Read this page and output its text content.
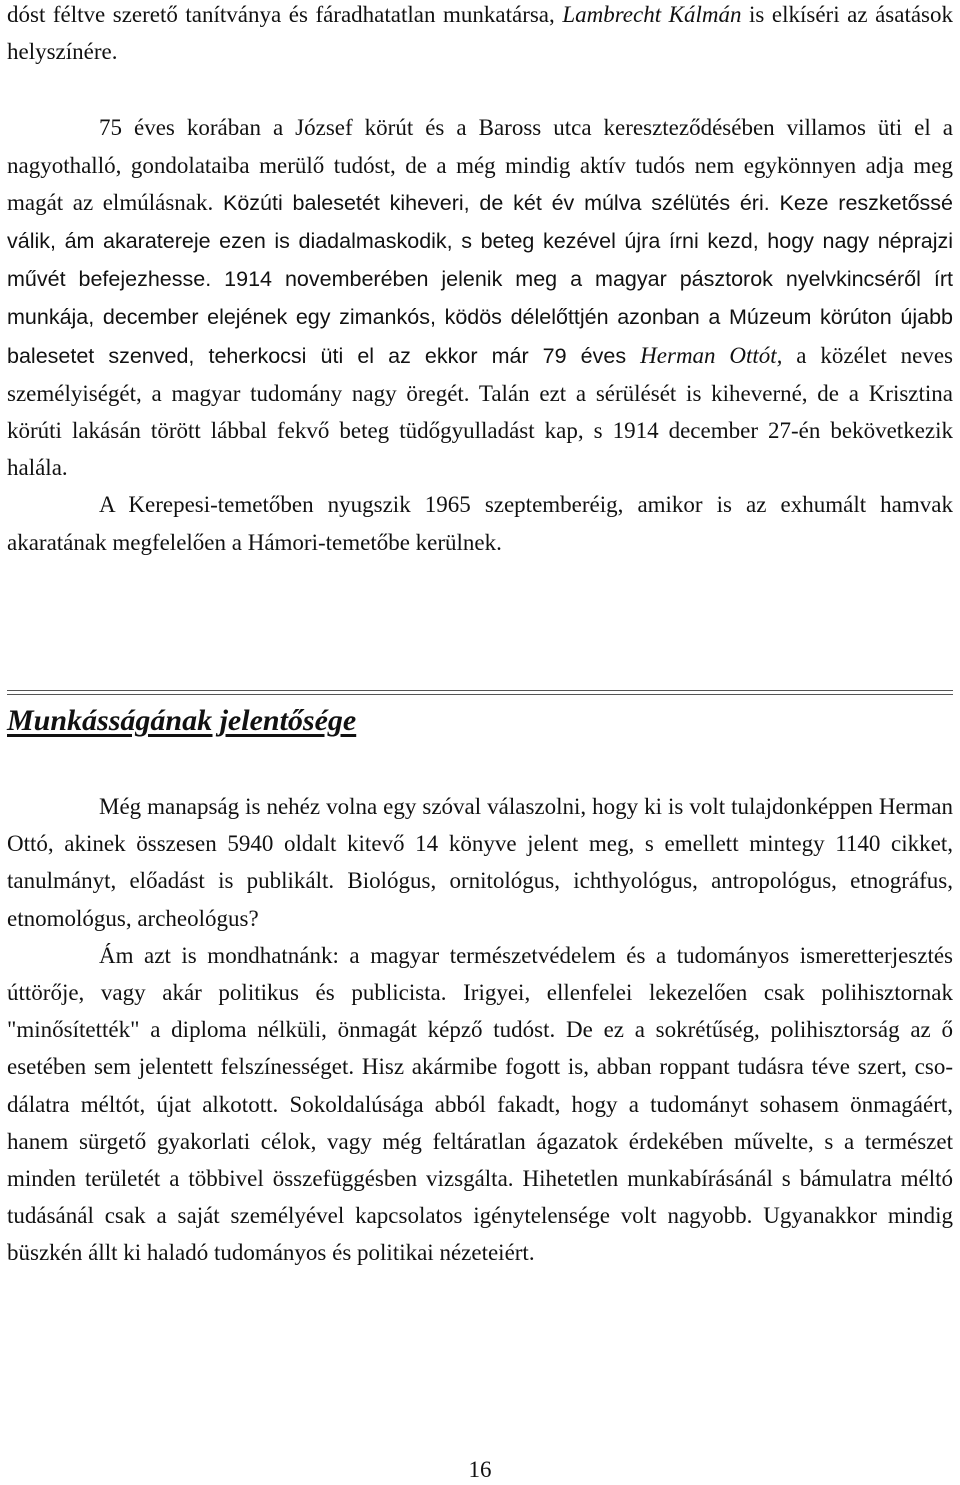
dóst féltve szerető tanítványa és fáradhatatlan munkatársa, Lambrecht Kálmán is elkíséri az ásatások helyszínére.

75 éves korában a József körút és a Baross utca kereszteződésében villamos üti el a nagyothalló, gondolataiba merülő tudóst, de a még mindig aktív tudós nem egykönnyen adja meg magát az elmúlásnak. Közúti balesetét kiheveri, de két év múlva szélütés éri. Keze reszketőssé válik, ám akaratereje ezen is diadalmaskodik, s beteg kezével újra írni kezd, hogy nagy néprajzi művét befejezhesse. 1914 novemberében jelenik meg a magyar pásztorok nyelvkincséről írt munkája, december elejének egy zimankós, ködös délelőttjén azonban a Múzeum körúton újabb balesetet szenved, teherkocsi üti el az ekkor már 79 éves Herman Ottót, a közélet neves személyiségét, a magyar tudomány nagy öregét. Talán ezt a sérülését is kiheverné, de a Krisztina körúti lakásán törött lábbal fekvő beteg tüdőgyulladást kap, s 1914 december 27-én bekövetkezik halála.

A Kerepesi-temetőben nyugszik 1965 szeptemberéig, amikor is az exhumált hamvak akaratának megfelelően a Hámori-temetőbe kerülnek.

Munkásságának jelentősége

Még manapság is nehéz volna egy szóval válaszolni, hogy ki is volt tulajdonképpen Herman Ottó, akinek összesen 5940 oldalt kitevő 14 könyve jelent meg, s emellett mintegy 1140 cikket, tanulmányt, előadást is publikált. Biológus, ornitológus, ichthyológus, antropológus, etnográfus, etnomológus, archeológus?

Ám azt is mondhatnánk: a magyar természetvédelem és a tudományos ismeretterjesztés úttörője, vagy akár politikus és publicista. Irigyei, ellenfelei lekezelően csak polihisztornak "minősítették" a diploma nélküli, önmagát képző tudóst. De ez a sokrétűség, polihisztorság az ő esetében sem jelentett felszínességet. Hisz akármibe fogott is, abban roppant tudásra téve szert, csodálatra méltót, újat alkotott. Sokoldalúsága abból fakadt, hogy a tudományt sohasem önmagáért, hanem sürgető gyakorlati célok, vagy még feltáratlan ágazatok érdekében művelte, s a természet minden területét a többivel összefüggésben vizsgálta. Hihetetlen munkabírásánál s bámulatra méltó tudásánál csak a saját személyével kapcsolatos igénytelensége volt nagyobb. Ugyanakkor mindig büszkén állt ki haladó tudományos és politikai nézeteiért.

16
